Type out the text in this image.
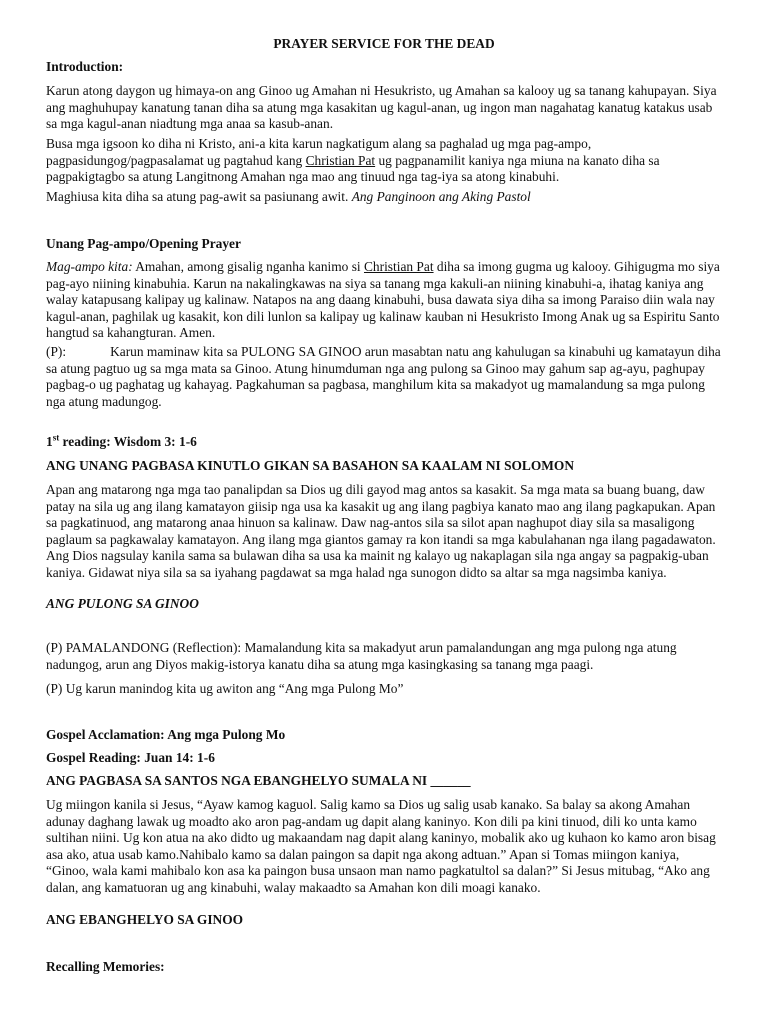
PRAYER SERVICE FOR THE DEAD

Introduction:

Karun atong daygon ug himaya-on ang Ginoo ug Amahan ni Hesukristo, ug Amahan sa kalooy ug sa tanang kahupayan. Siya ang maghuhupay kanatung tanan diha sa atung mga kasakitan ug kagul-anan, ug ingon man nagahatag kanatug katakus usab sa mga kagul-anan niadtung mga anaa sa kasub-anan.

Busa mga igsoon ko diha ni Kristo, ani-a kita karun nagkatigum alang sa paghalad ug mga pag-ampo, pagpasidungog/pagpasalamat ug pagtahud kang Christian Pat ug pagpanamilit kaniya nga miuna na kanato diha sa pagpakigtagbo sa atung Langitnong Amahan nga mao ang tinuud nga tag-iya sa atong kinabuhi.

Maghiusa kita diha sa atung pag-awit sa pasiunang awit. Ang Panginoon ang Aking Pastol

Unang Pag-ampo/Opening Prayer

Mag-ampo kita: Amahan, among gisalig nganha kanimo si Christian Pat diha sa imong gugma ug kalooy. Gihigugma mo siya pag-ayo niining kinabuhia. Karun na nakalingkawas na siya sa tanang mga kakuli-an niining kinabuhi-a, ihatag kaniya ang walay katapusang kalipay ug kalinaw. Natapos na ang daang kinabuhi, busa dawata siya diha sa imong Paraiso diin wala nay kagul-anan, paghilak ug kasakit, kon dili lunlon sa kalipay ug kalinaw kauban ni Hesukristo Imong Anak ug sa Espiritu Santo hangtud sa kahangturan. Amen.

(P):	Karun maminaw kita sa PULONG SA GINOO arun masabtan natu ang kahulugan sa kinabuhi ug kamatayun diha sa atung pagtuo ug sa mga mata sa Ginoo. Atung hinumduman nga ang pulong sa Ginoo may gahum sap ag-ayu, paghupay pagbag-o ug paghatag ug kahayag. Pagkahuman sa pagbasa, manghilum kita sa makadyot ug mamalandung sa mga pulong nga atung madungog.

1st reading: Wisdom 3: 1-6

ANG UNANG PAGBASA KINUTLO GIKAN SA BASAHON SA KAALAM NI SOLOMON

Apan ang matarong nga mga tao panalipdan sa Dios ug dili gayod mag antos sa kasakit. Sa mga mata sa buang buang, daw patay na sila ug ang ilang kamatayon giisip nga usa ka kasakit ug ang ilang pagbiya kanato mao ang ilang pagkapukan. Apan sa pagkatinuod, ang matarong anaa hinuon sa kalinaw. Daw nag-antos sila sa silot apan naghupot diay sila sa masaligong paglaum sa pagkawalay kamatayon. Ang ilang mga giantos gamay ra kon itandi sa mga kabulahanan nga ilang pagadawaton. Ang Dios nagsulay kanila sama sa bulawan diha sa usa ka mainit ng kalayo ug nakaplagan sila nga angay sa pagpakig-uban kaniya. Gidawat niya sila sa sa iyahang pagdawat sa mga halad nga sunogon didto sa altar sa mga nagsimba kaniya.

ANG PULONG SA GINOO

(P) PAMALANDONG (Reflection): Mamalandung kita sa makadyut arun pamalandungan ang mga pulong nga atung nadungog, arun ang Diyos makig-istorya kanatu diha sa atung mga kasingkasing sa tanang mga paagi.

(P) Ug karun manindog kita ug awiton ang “Ang mga Pulong Mo”

Gospel Acclamation: Ang mga Pulong Mo

Gospel Reading: Juan 14: 1-6

ANG PAGBASA SA SANTOS NGA EBANGHELYO SUMALA NI ______

Ug miingon kanila si Jesus, “Ayaw kamog kaguol. Salig kamo sa Dios ug salig usab kanako. Sa balay sa akong Amahan adunay daghang lawak ug moadto ako aron pag-andam ug dapit alang kaninyo. Kon dili pa kini tinuod, dili ko unta kamo sultihan niini. Ug kon atua na ako didto ug makaandam nag dapit alang kaninyo, mobalik ako ug kuhaon ko kamo aron bisag asa ako, atua usab kamo.Nahibalo kamo sa dalan paingon sa dapit nga akong adtuan.” Apan si Tomas miingon kaniya, “Ginoo, wala kami mahibalo kon asa ka paingon busa unsaon man namo pagkatultol sa dalan?” Si Jesus mitubag, “Ako ang dalan, ang kamatuoran ug ang kinabuhi, walay makaadto sa Amahan kon dili moagi kanako.

ANG EBANGHELYO SA GINOO

Recalling Memories:
